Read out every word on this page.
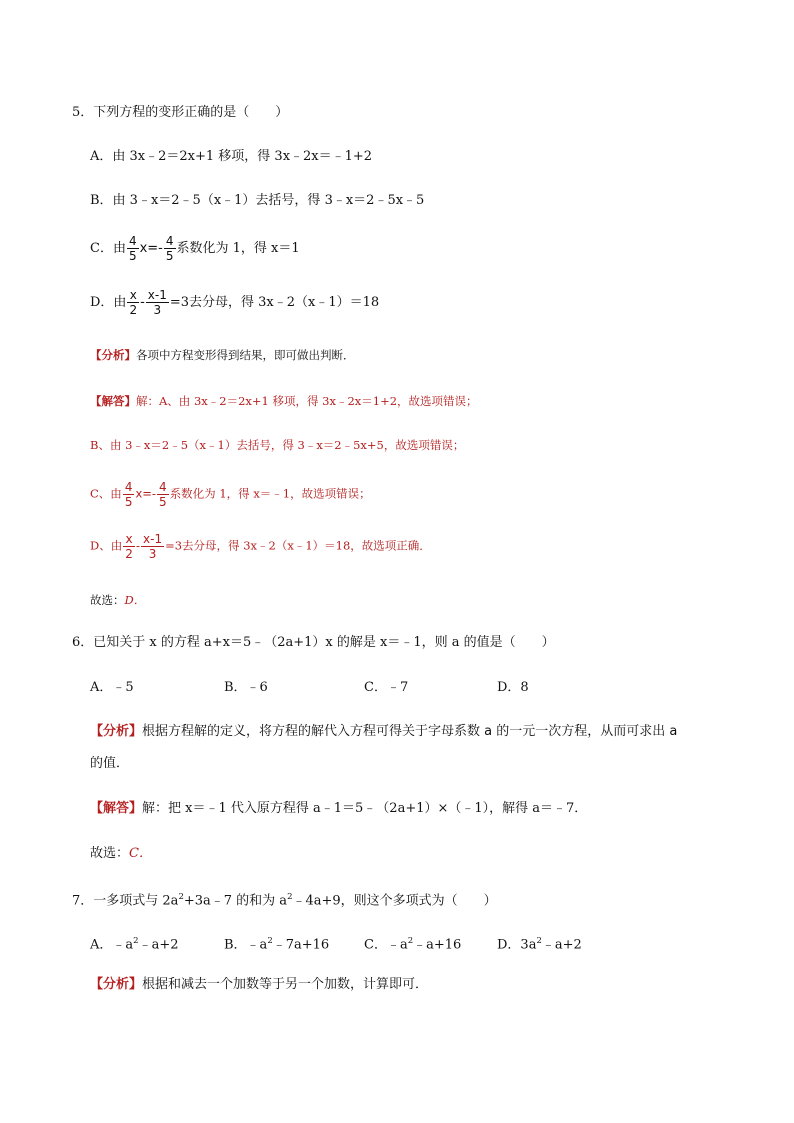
5．下列方程的变形正确的是（　　）
A．由 3x﹣2＝2x+1 移项，得 3x﹣2x＝﹣1+2
B．由 3﹣x＝2﹣5（x﹣1）去括号，得 3﹣x＝2﹣5x﹣5
C．由 $\frac{4}{5} x=- \frac{4}{5}$ 系数化为 1，得 x＝1
D．由 $\frac{x}{2} - \frac{x-1}{3} =3$去分母，得 3x﹣2（x﹣1）＝18
【分析】各项中方程变形得到结果，即可做出判断．
【解答】解：A、由 3x﹣2＝2x+1 移项，得 3x﹣2x＝1+2，故选项错误；
B、由 3﹣x＝2﹣5（x﹣1）去括号，得 3﹣x＝2﹣5x+5，故选项错误；
C、由 $\frac{4}{5} x=- \frac{4}{5}$ 系数化为 1，得 x＝﹣1，故选项错误；
D、由 $\frac{x}{2} - \frac{x-1}{3} =3$去分母，得 3x﹣2（x﹣1）＝18，故选项正确．
故选：D．
6．已知关于 x 的方程 a+x＝5﹣（2a+1）x 的解是 x＝﹣1，则 a 的值是（　　）
A．﹣5	B．﹣6	C．﹣7	D．8
【分析】根据方程解的定义，将方程的解代入方程可得关于字母系数 a 的一元一次方程，从而可求出 a
的值．
【解答】解：把 x＝﹣1 代入原方程得 a﹣1＝5﹣（2a+1）×（﹣1），解得 a＝﹣7．
故选：C．
7．一多项式与 $2a^2+3a﹣7$ 的和为 $a^2﹣4a+9$，则这个多项式为（　　）
A．$﹣a^2﹣a+2$	B．$﹣a^2﹣7a+16$	C．$﹣a^2﹣a+16$	D．$3a^2﹣a+2$
【分析】根据和减去一个加数等于另一个加数，计算即可．
